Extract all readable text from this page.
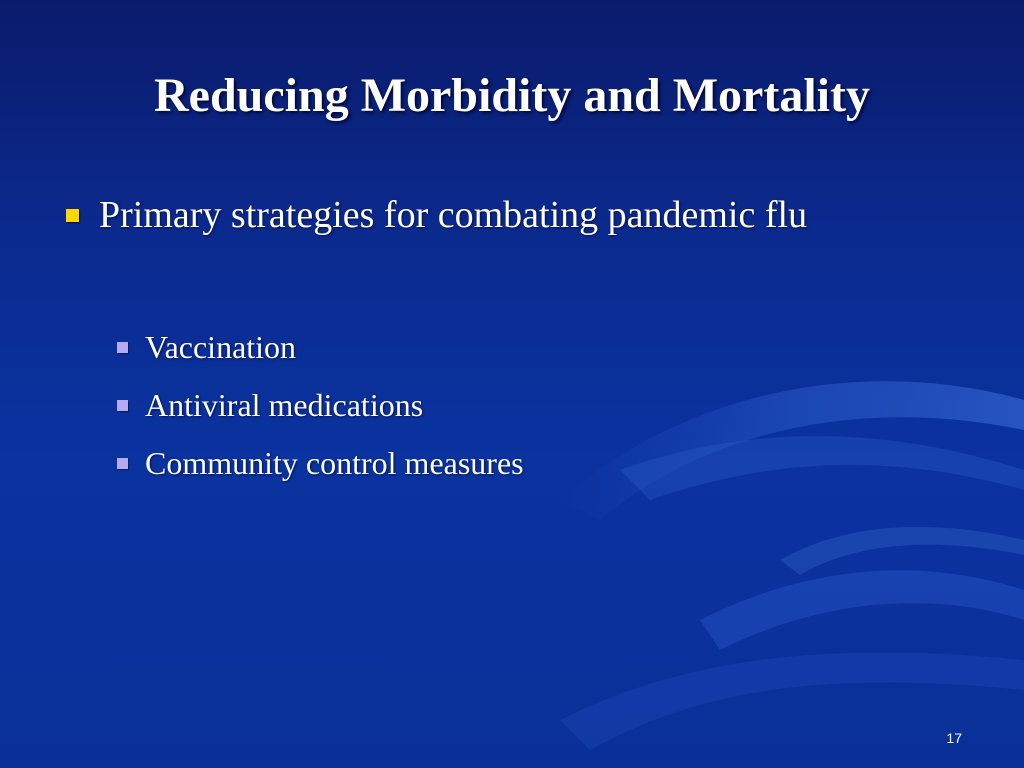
Reducing Morbidity and Mortality
Primary strategies for combating pandemic flu
Vaccination
Antiviral medications
Community control measures
17
